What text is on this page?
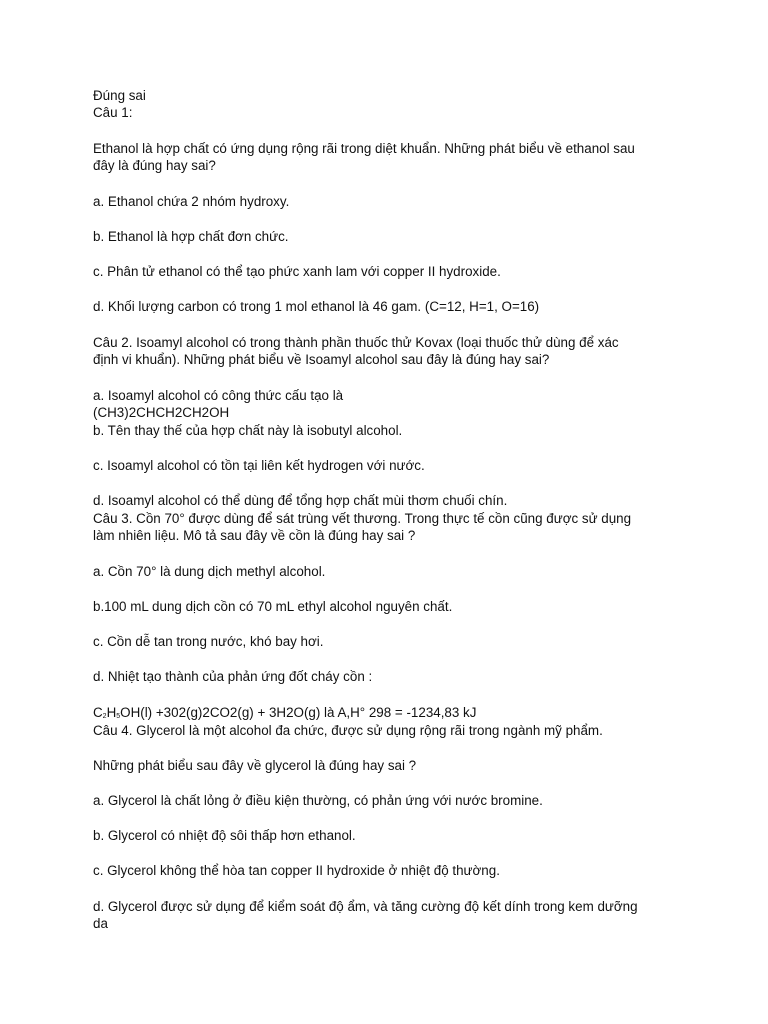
Đúng sai
Câu 1:
Ethanol là hợp chất có ứng dụng rộng rãi trong diệt khuẩn. Những phát biểu về ethanol sau
đây là đúng hay sai?
a. Ethanol chứa 2 nhóm hydroxy.
b. Ethanol là hợp chất đơn chức.
c. Phân tử ethanol có thể tạo phức xanh lam với copper II hydroxide.
d. Khối lượng carbon có trong 1 mol ethanol là 46 gam. (C=12, H=1, O=16)
Câu 2. Isoamyl alcohol có trong thành phần thuốc thử Kovax (loại thuốc thử dùng để xác
định vi khuẩn). Những phát biểu về Isoamyl alcohol sau đây là đúng hay sai?
a. Isoamyl alcohol có công thức cấu tạo là
(CH3)2CHCH2CH2OH
b. Tên thay thế của hợp chất này là isobutyl alcohol.
c. Isoamyl alcohol có tồn tại liên kết hydrogen với nước.
d. Isoamyl alcohol có thể dùng để tổng hợp chất mùi thơm chuối chín.
Câu 3. Cồn 70° được dùng để sát trùng vết thương. Trong thực tế cồn cũng được sử dụng
làm nhiên liệu. Mô tả sau đây về cồn là đúng hay sai ?
a. Cồn 70° là dung dịch methyl alcohol.
b.100 mL dung dịch cồn có 70 mL ethyl alcohol nguyên chất.
c. Cồn dễ tan trong nước, khó bay hơi.
d. Nhiệt tạo thành của phản ứng đốt cháy cồn :
$C_2H_5OH(l) +302(g)2CO2(g) + 3H2O(g)$ là A,H° 298 = -1234,83 kJ
Câu 4. Glycerol là một alcohol đa chức, được sử dụng rộng rãi trong ngành mỹ phẩm.
Những phát biểu sau đây về glycerol là đúng hay sai ?
a. Glycerol là chất lỏng ở điều kiện thường, có phản ứng với nước bromine.
b. Glycerol có nhiệt độ sôi thấp hơn ethanol.
c. Glycerol không thể hòa tan copper II hydroxide ở nhiệt độ thường.
d. Glycerol được sử dụng để kiểm soát độ ẩm, và tăng cường độ kết dính trong kem dưỡng
da
